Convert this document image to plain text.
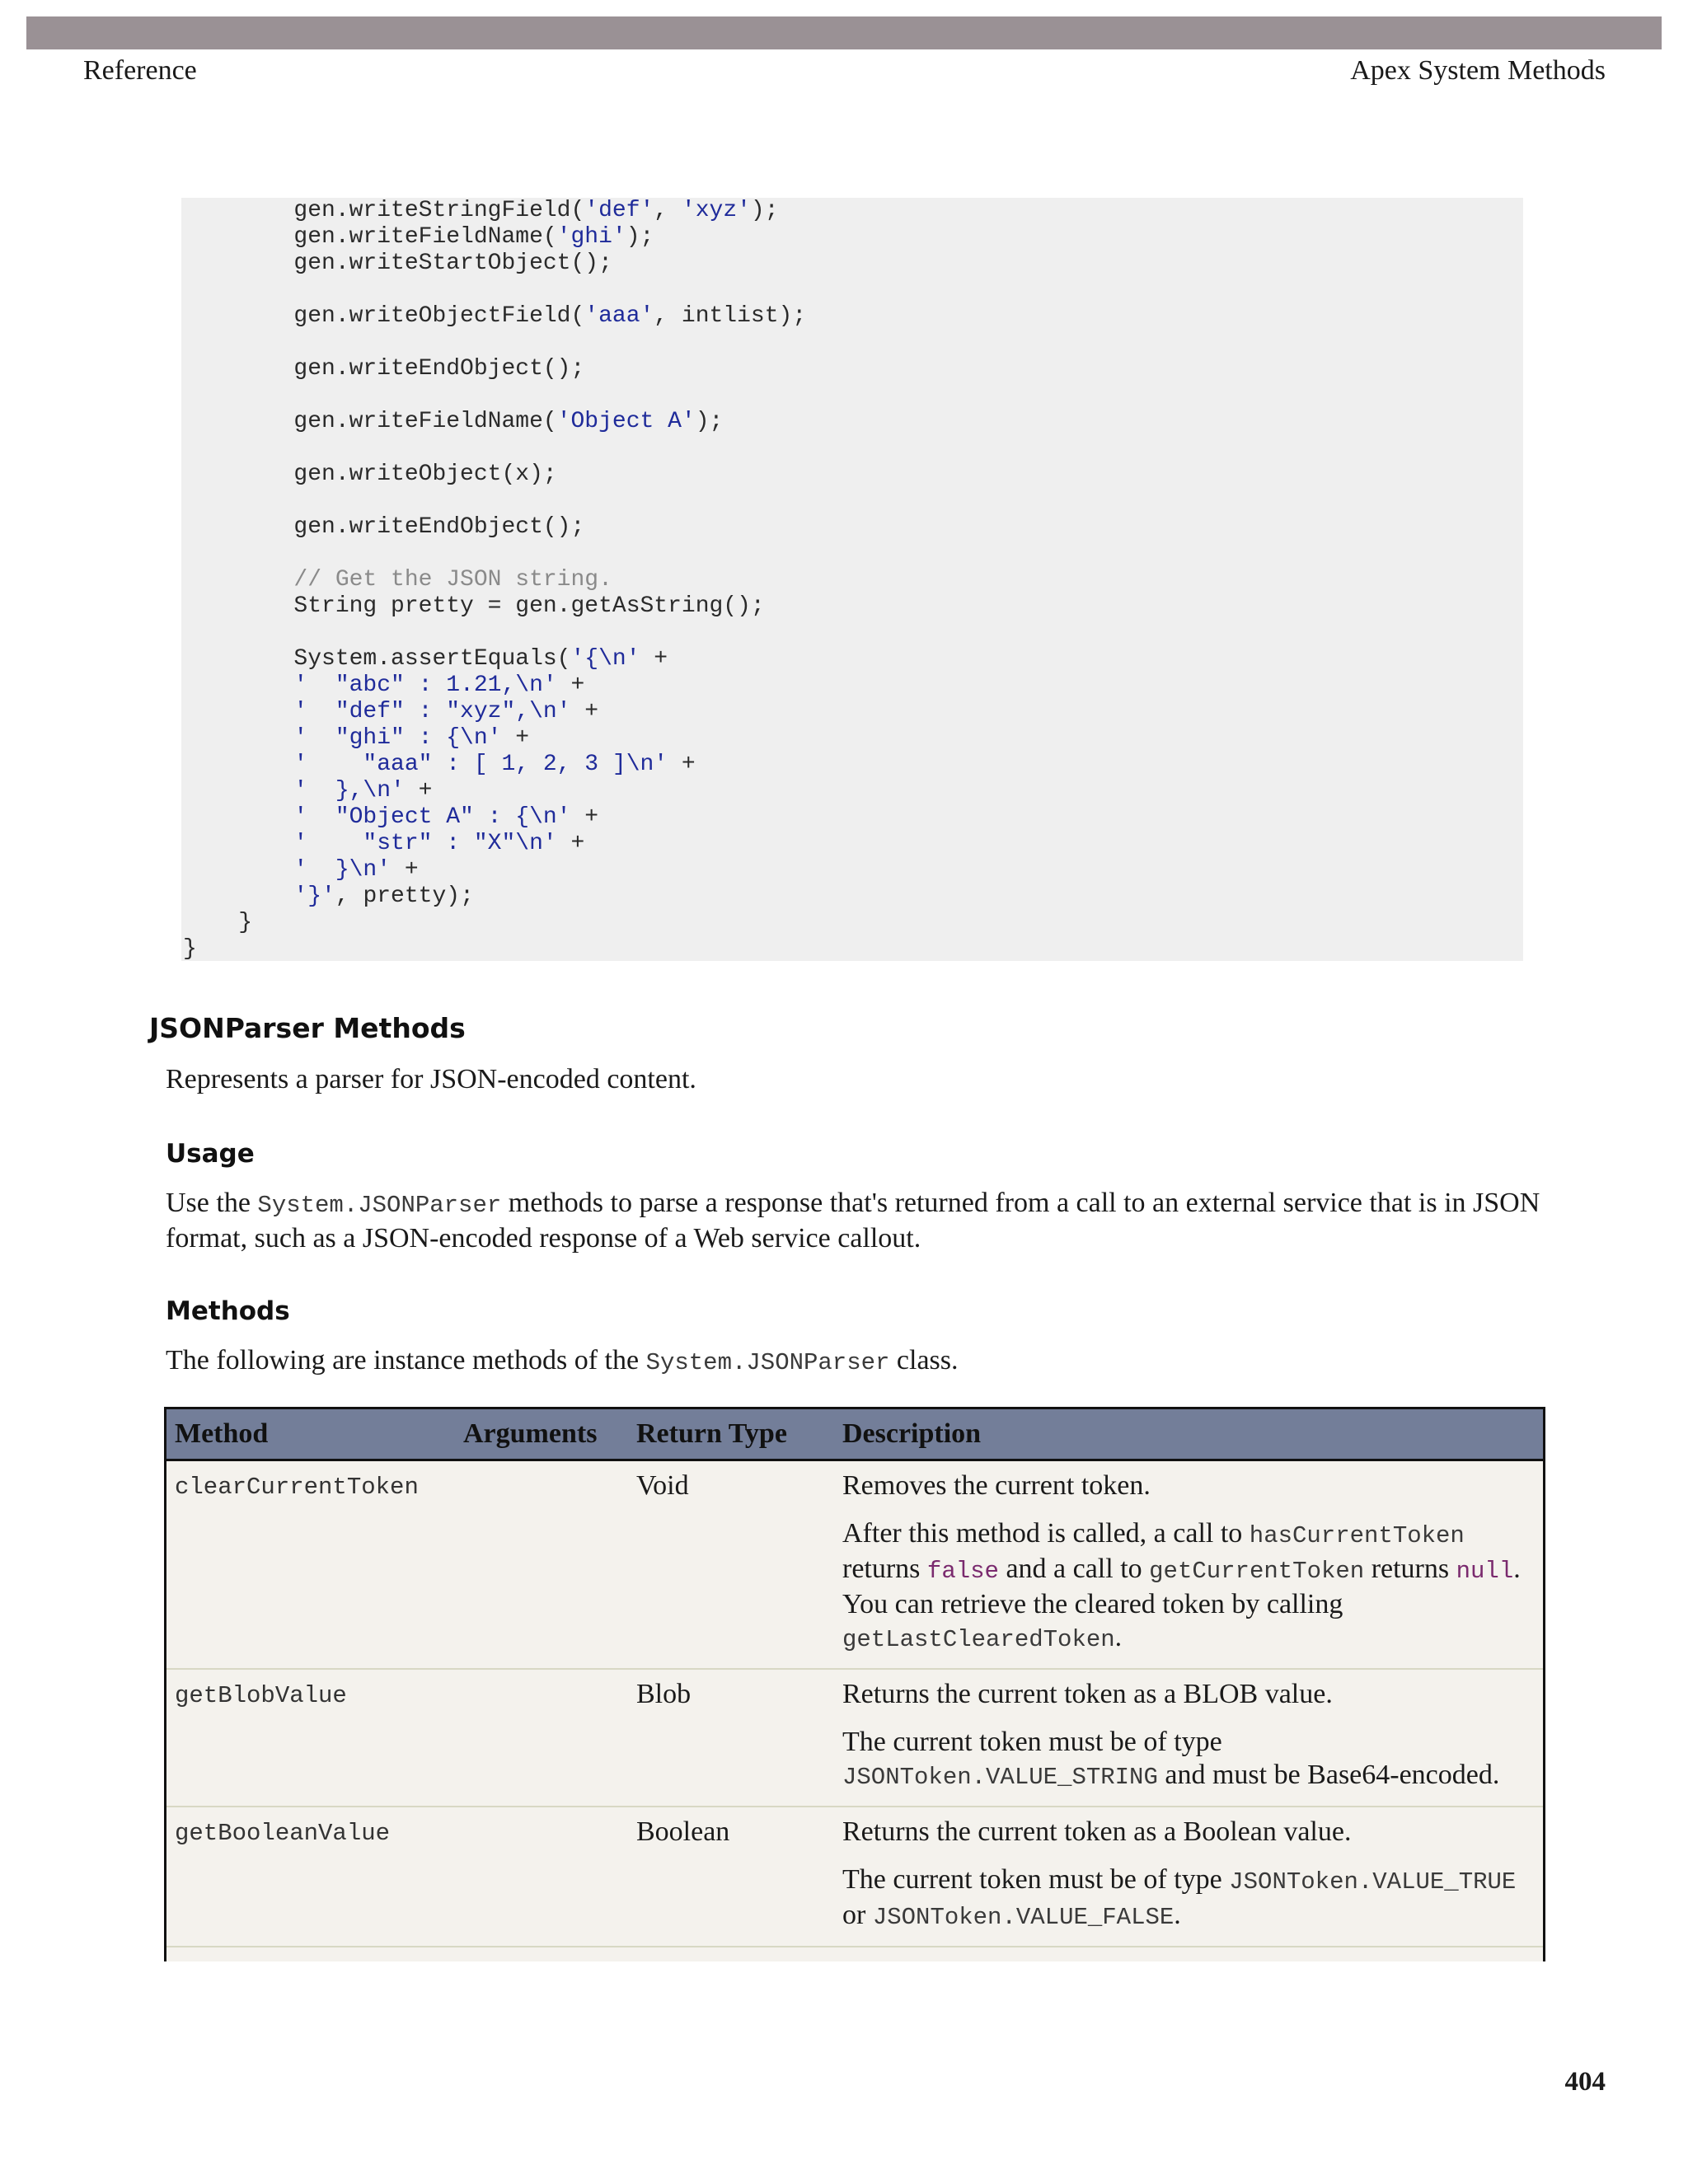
Reference	Apex System Methods
gen.writeStringField('def', 'xyz');
gen.writeFieldName('ghi');
gen.writeStartObject();

gen.writeObjectField('aaa', intlist);

gen.writeEndObject();

gen.writeFieldName('Object A');

gen.writeObject(x);

gen.writeEndObject();

// Get the JSON string.
String pretty = gen.getAsString();

System.assertEquals('{\n' +
'  "abc" : 1.21,\n' +
'  "def" : "xyz",\n' +
'  "ghi" : {\n' +
'    "aaa" : [ 1, 2, 3 ]\n' +
'  },\n' +
'  "Object A" : {\n' +
'    "str" : "X"\n' +
'  }\n' +
'}', pretty);
}
}
JSONParser Methods
Represents a parser for JSON-encoded content.
Usage
Use the System.JSONParser methods to parse a response that's returned from a call to an external service that is in JSON format, such as a JSON-encoded response of a Web service callout.
Methods
The following are instance methods of the System.JSONParser class.
Method	Arguments	Return Type	Description
clearCurrentToken		Void	Removes the current token.

After this method is called, a call to hasCurrentToken returns false and a call to getCurrentToken returns null. You can retrieve the cleared token by calling getLastClearedToken.

getBlobValue		Blob	Returns the current token as a BLOB value.

The current token must be of type JSONToken.VALUE_STRING and must be Base64-encoded.

getBooleanValue		Boolean	Returns the current token as a Boolean value.

The current token must be of type JSONToken.VALUE_TRUE or JSONToken.VALUE_FALSE.

404
